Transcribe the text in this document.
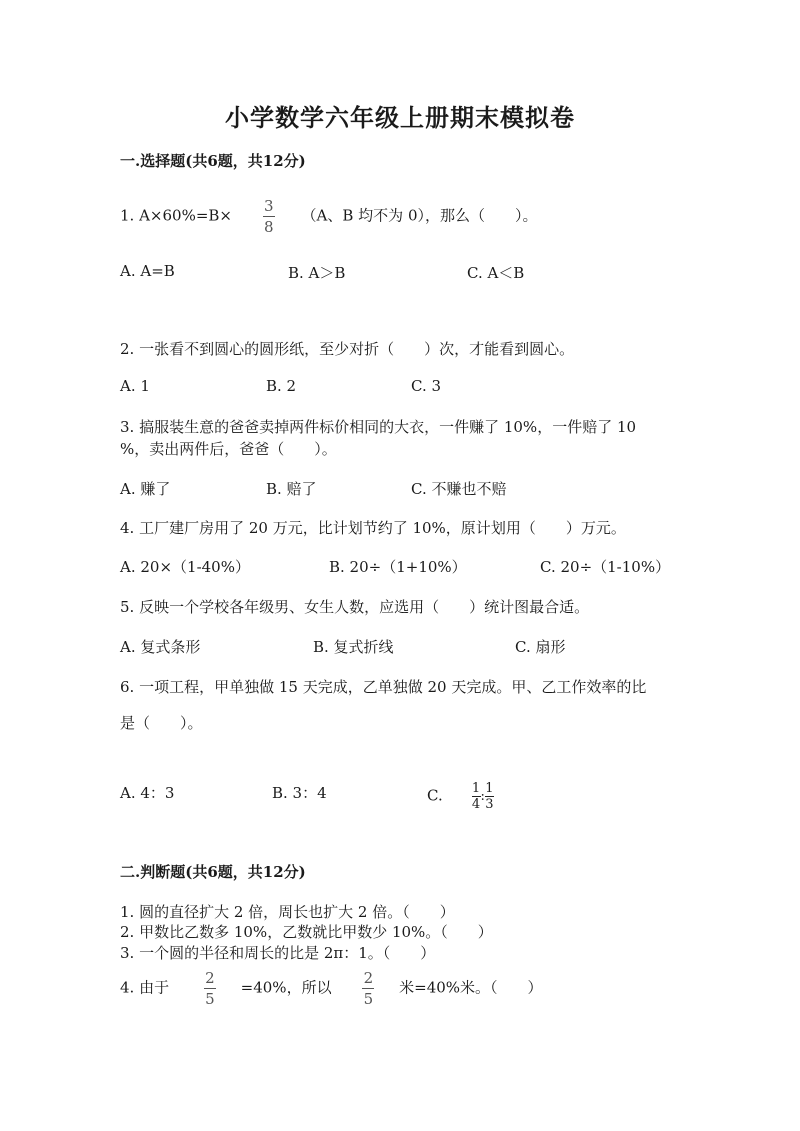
小学数学六年级上册期末模拟卷
一.选择题(共6题，共12分)
1. $A\times 60\%=B\times \frac{3}{8} (A$、B 均不为 0），那么（　　）。
A. A=B	B. A＞B	C. A＜B
2. 一张看不到圆心的圆形纸，至少对折（　　）次，才能看到圆心。
A. 1	B. 2	C. 3
3. 搞服装生意的爸爸卖掉两件标价相同的大衣，一件赚了 10%，一件赔了 10
%，卖出两件后，爸爸（　　）。
A. 赚了	B. 赔了	C. 不赚也不赔
4. 工厂建厂房用了 20 万元，比计划节约了 10%，原计划用（　　）万元。
A. 20×（1-40%）	B. 20÷（1+10%）	C. 20÷（1-10%）
5. 反映一个学校各年级男、女生人数，应选用（　　）统计图最合适。
A. 复式条形	B. 复式折线	C. 扇形
6. 一项工程，甲单独做 15 天完成，乙单独做 20 天完成。甲、乙工作效率的比
是（　　）。
A. 4：3	B. 3：4	C. $\frac{1}{4}$ : $\frac{1}{3}$
二.判断题(共6题，共12分)
1. 圆的直径扩大 2 倍，周长也扩大 2 倍。（　　）
2. 甲数比乙数多 10%，乙数就比甲数少 10%。（　　）
3. 一个圆的半径和周长的比是 2π：1。（　　）
4. 由于 $\frac{2}{5} =40\%$，所以 $\frac{2}{5}$ 米=40%米。（　　）
